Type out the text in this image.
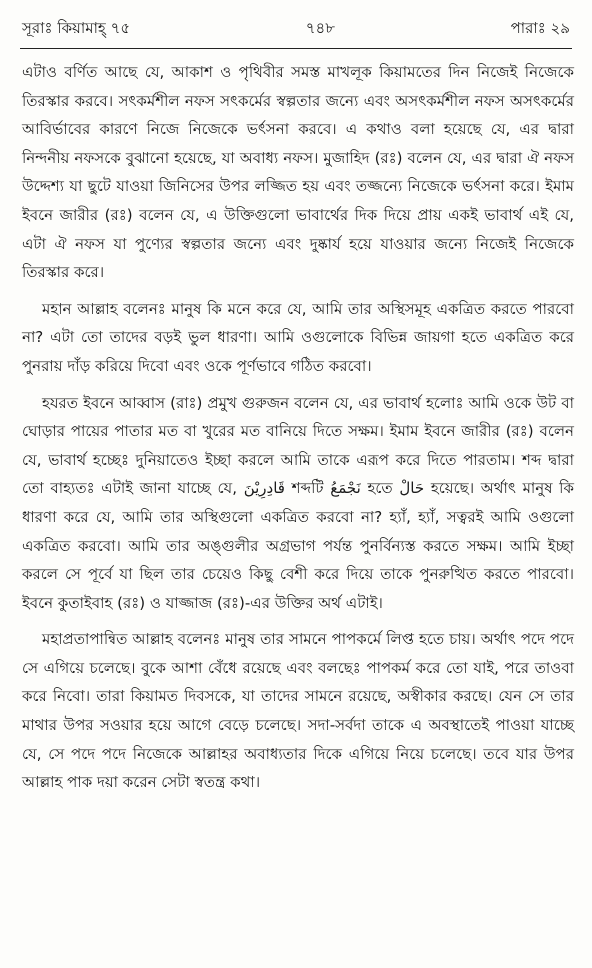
সূরাঃ কিয়ামাহ্ ৭৫	৭৪৮	পারাঃ ২৯

এটাও বর্ণিত আছে যে, আকাশ ও পৃথিবীর সমস্ত মাখলূক কিয়ামতের দিন নিজেই নিজেকে তিরস্কার করবে। সৎকর্মশীল নফস সৎকর্মের স্বল্পতার জন্যে এবং অসৎকর্মশীল নফস অসৎকর্মের আবির্ভাবের কারণে নিজে নিজেকে ভর্ৎসনা করবে। এ কথাও বলা হয়েছে যে, এর দ্বারা নিন্দনীয় নফসকে বুঝানো হয়েছে, যা অবাধ্য নফস। মুজাহিদ (রঃ) বলেন যে, এর দ্বারা ঐ নফস উদ্দেশ্য যা ছুটে যাওয়া জিনিসের উপর লজ্জিত হয় এবং তজ্জন্যে নিজেকে ভর্ৎসনা করে। ইমাম ইবনে জারীর (রঃ) বলেন যে, এ উক্তিগুলো ভাবার্থের দিক দিয়ে প্রায় একই ভাবার্থ এই যে, এটা ঐ নফস যা পুণ্যের স্বল্পতার জন্যে এবং দুষ্কার্য হয়ে যাওয়ার জন্যে নিজেই নিজেকে তিরস্কার করে।

মহান আল্লাহ বলেনঃ মানুষ কি মনে করে যে, আমি তার অস্থিসমূহ একত্রিত করতে পারবো না? এটা তো তাদের বড়ই ভুল ধারণা। আমি ওগুলোকে বিভিন্ন জায়গা হতে একত্রিত করে পুনরায় দাঁড় করিয়ে দিবো এবং ওকে পূর্ণভাবে গঠিত করবো।

হযরত ইবনে আব্বাস (রাঃ) প্রমুখ গুরুজন বলেন যে, এর ভাবার্থ হলোঃ আমি ওকে উট বা ঘোড়ার পায়ের পাতার মত বা খুরের মত বানিয়ে দিতে সক্ষম। ইমাম ইবনে জারীর (রঃ) বলেন যে, ভাবার্থ হচ্ছেঃ দুনিয়াতেও ইচ্ছা করলে আমি তাকে এরূপ করে দিতে পারতাম। শব্দ দ্বারা তো বাহ্যতঃ এটাই জানা যাচ্ছে যে, قَادِرِيْنَ শব্দটি نَجْمَعُ হতে حَالْ হয়েছে। অর্থাৎ মানুষ কি ধারণা করে যে, আমি তার অস্থিগুলো একত্রিত করবো না? হ্যাঁ, হ্যাঁ, সত্বরই আমি ওগুলো একত্রিত করবো। আমি তার অঙ্গুলীর অগ্রভাগ পর্যন্ত পুনর্বিন্যস্ত করতে সক্ষম। আমি ইচ্ছা করলে সে পূর্বে যা ছিল তার চেয়েও কিছু বেশী করে দিয়ে তাকে পুনরুত্থিত করতে পারবো। ইবনে কুতাইবাহ (রঃ) ও যাজ্জাজ (রঃ)-এর উক্তির অর্থ এটাই।

মহাপ্রতাপান্বিত আল্লাহ বলেনঃ মানুষ তার সামনে পাপকর্মে লিপ্ত হতে চায়। অর্থাৎ পদে পদে সে এগিয়ে চলেছে। বুকে আশা বেঁধে রয়েছে এবং বলছেঃ পাপকর্ম করে তো যাই, পরে তাওবা করে নিবো। তারা কিয়ামত দিবসকে, যা তাদের সামনে রয়েছে, অস্বীকার করছে। যেন সে তার মাথার উপর সওয়ার হয়ে আগে বেড়ে চলেছে। সদা-সর্বদা তাকে এ অবস্থাতেই পাওয়া যাচ্ছে যে, সে পদে পদে নিজেকে আল্লাহর অবাধ্যতার দিকে এগিয়ে নিয়ে চলেছে। তবে যার উপর আল্লাহ পাক দয়া করেন সেটা স্বতন্ত্র কথা।
